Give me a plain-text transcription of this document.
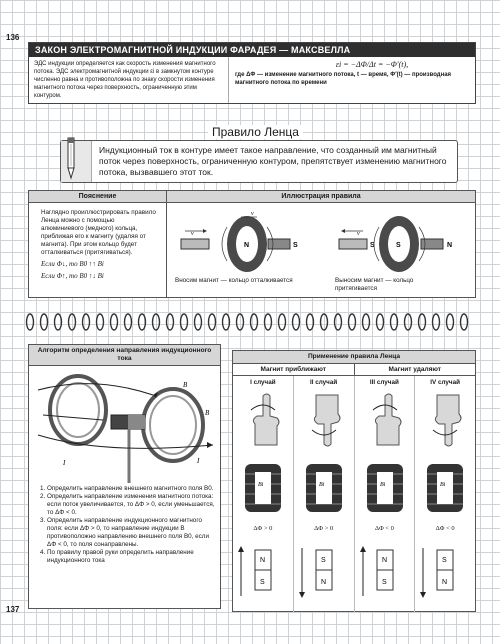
136
137
ЗАКОН ЭЛЕКТРОМАГНИТНОЙ ИНДУКЦИИ ФАРАДЕЯ — МАКСВЕЛЛА
ЭДС индукции определяется как скорость изменения магнитного потока. ЭДС электромагнитной индукции εi в замкнутом контуре численно равна и противоположна по знаку скорости изменения магнитного потока через поверхность, ограниченную этим контуром.
εi = −ΔΦ/Δt = −Φ′(t),

где ΔΦ — изменение магнитного потока, t — время, Φ′(t) — производная магнитного потока по времени

Правило Ленца
Индукционный ток в контуре имеет такое направление, что созданный им магнитный поток через поверхность, ограниченную контуром, препятствует изменению магнитного потока, вызвавшего этот ток.
Пояснение	Иллюстрация правила
Наглядно проиллюстрировать правило Ленца можно с помощью алюминиевого (медного) кольца, приближая его к магниту (удаляя от магнита). При этом кольцо будет отталкиваться (притягиваться).
Если Φ↓, то B0 ↑↑ Bi
Если Φ↑, то B0 ↑↓ Bi
v
N	S
v
v
S	S	N
Вносим магнит — кольцо отталкивается	Выносим магнит — кольцо притягивается
Алгоритм определения направления индукционного тока
B
B
I
I
1. Определить направление внешнего магнитного поля B0.
2. Определить направление изменения магнитного потока: если поток увеличивается, то ΔΦ > 0, если уменьшается, то ΔΦ < 0.
3. Определить направление индукционного магнитного поля: если ΔΦ > 0, то направление индукции B противоположно направлению внешнего поля B0, если ΔΦ < 0, то поля сонаправлены.
4. По правилу правой руки определить направление индукционного тока
Применение правила Ленца
Магнит приближают	Магнит удаляют
I случай
Bi
ΔΦ > 0
N
S
II случай
Bi
ΔΦ > 0
S
N
III случай
Bi
ΔΦ < 0
N
S
IV случай
Bi
ΔΦ < 0
S
N
